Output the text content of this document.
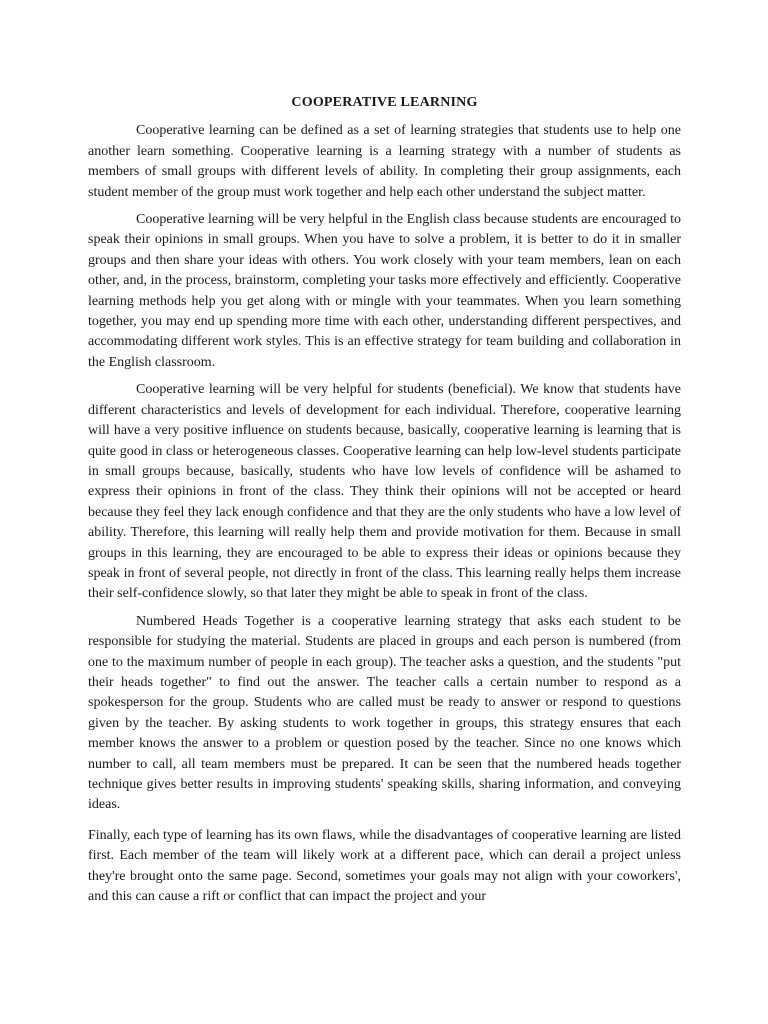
COOPERATIVE LEARNING

Cooperative learning can be defined as a set of learning strategies that students use to help one another learn something. Cooperative learning is a learning strategy with a number of students as members of small groups with different levels of ability. In completing their group assignments, each student member of the group must work together and help each other understand the subject matter.

Cooperative learning will be very helpful in the English class because students are encouraged to speak their opinions in small groups. When you have to solve a problem, it is better to do it in smaller groups and then share your ideas with others. You work closely with your team members, lean on each other, and, in the process, brainstorm, completing your tasks more effectively and efficiently. Cooperative learning methods help you get along with or mingle with your teammates. When you learn something together, you may end up spending more time with each other, understanding different perspectives, and accommodating different work styles. This is an effective strategy for team building and collaboration in the English classroom.

Cooperative learning will be very helpful for students (beneficial). We know that students have different characteristics and levels of development for each individual. Therefore, cooperative learning will have a very positive influence on students because, basically, cooperative learning is learning that is quite good in class or heterogeneous classes. Cooperative learning can help low-level students participate in small groups because, basically, students who have low levels of confidence will be ashamed to express their opinions in front of the class. They think their opinions will not be accepted or heard because they feel they lack enough confidence and that they are the only students who have a low level of ability. Therefore, this learning will really help them and provide motivation for them. Because in small groups in this learning, they are encouraged to be able to express their ideas or opinions because they speak in front of several people, not directly in front of the class. This learning really helps them increase their self-confidence slowly, so that later they might be able to speak in front of the class.

Numbered Heads Together is a cooperative learning strategy that asks each student to be responsible for studying the material. Students are placed in groups and each person is numbered (from one to the maximum number of people in each group). The teacher asks a question, and the students "put their heads together" to find out the answer. The teacher calls a certain number to respond as a spokesperson for the group. Students who are called must be ready to answer or respond to questions given by the teacher. By asking students to work together in groups, this strategy ensures that each member knows the answer to a problem or question posed by the teacher. Since no one knows which number to call, all team members must be prepared. It can be seen that the numbered heads together technique gives better results in improving students' speaking skills, sharing information, and conveying ideas.

Finally, each type of learning has its own flaws, while the disadvantages of cooperative learning are listed first. Each member of the team will likely work at a different pace, which can derail a project unless they're brought onto the same page. Second, sometimes your goals may not align with your coworkers', and this can cause a rift or conflict that can impact the project and your
